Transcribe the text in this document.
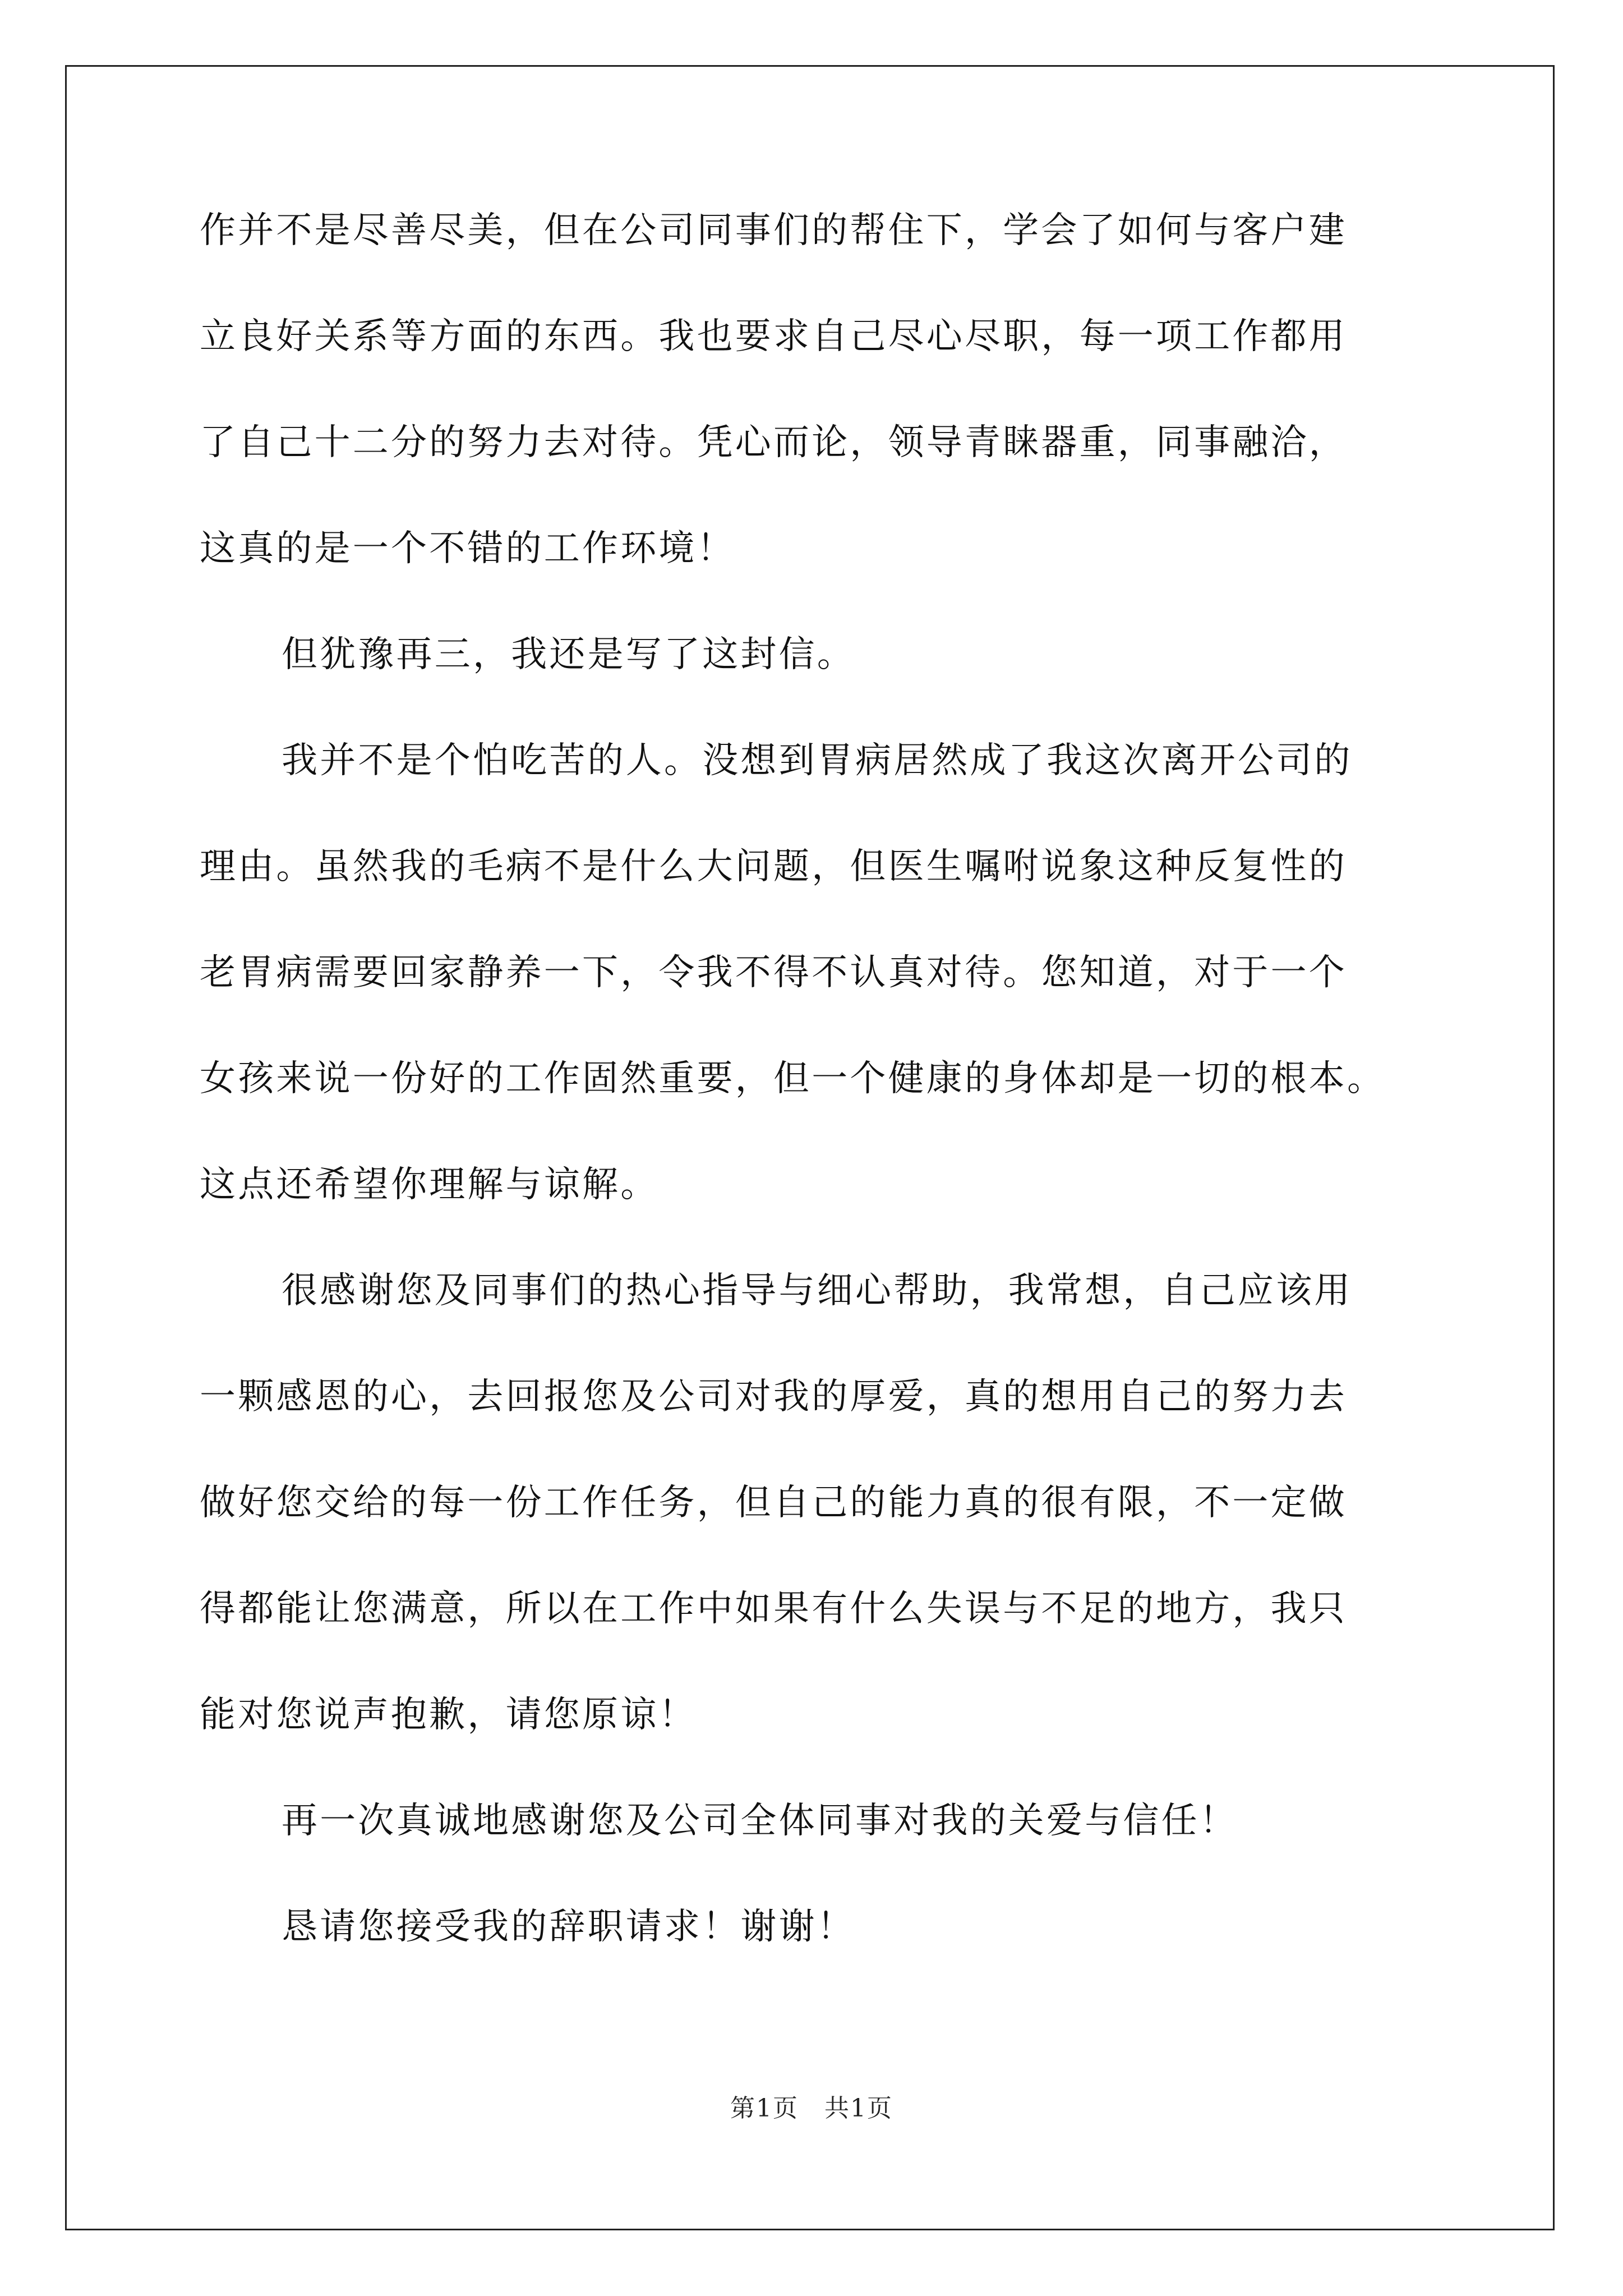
作并不是尽善尽美，但在公司同事们的帮住下，学会了如何与客户建
立良好关系等方面的东西。我也要求自己尽心尽职，每一项工作都用
了自己十二分的努力去对待。凭心而论，领导青睐器重，同事融洽，
这真的是一个不错的工作环境！
但犹豫再三，我还是写了这封信。
我并不是个怕吃苦的人。没想到胃病居然成了我这次离开公司的
理由。虽然我的毛病不是什么大问题，但医生嘱咐说象这种反复性的
老胃病需要回家静养一下，令我不得不认真对待。您知道，对于一个
女孩来说一份好的工作固然重要，但一个健康的身体却是一切的根本。
这点还希望你理解与谅解。
很感谢您及同事们的热心指导与细心帮助，我常想，自己应该用
一颗感恩的心，去回报您及公司对我的厚爱，真的想用自己的努力去
做好您交给的每一份工作任务，但自己的能力真的很有限，不一定做
得都能让您满意，所以在工作中如果有什么失误与不足的地方，我只
能对您说声抱歉，请您原谅！
再一次真诚地感谢您及公司全体同事对我的关爱与信任！
恳请您接受我的辞职请求！谢谢！
第1页　共1页
